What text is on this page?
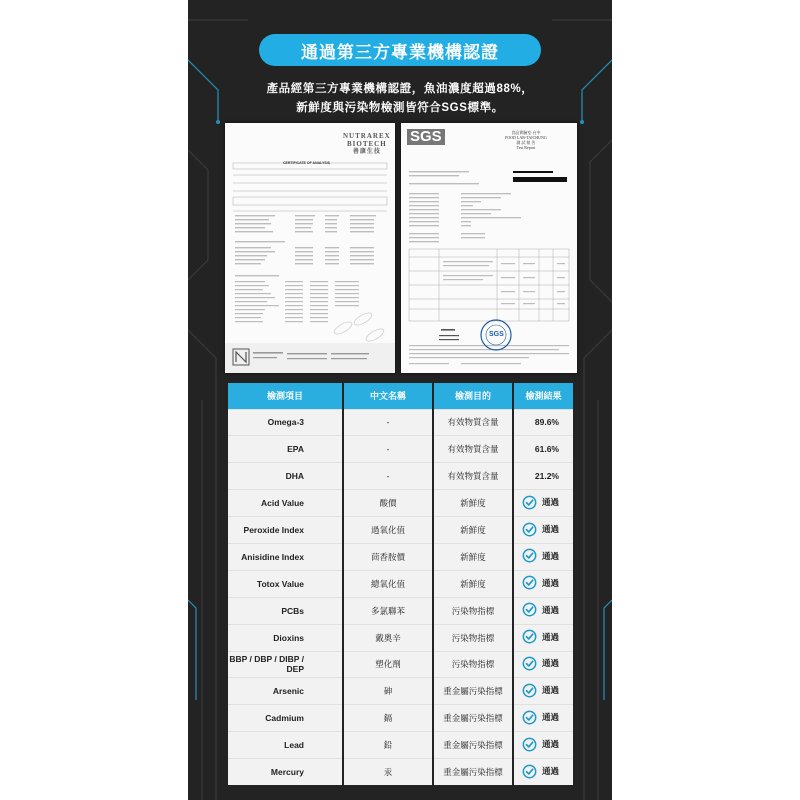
通過第三方專業機構認證
產品經第三方專業機構認證，魚油濃度超過88%，
新鮮度與污染物檢測皆符合SGS標準。
NUTRAREX
BIOTECH
善康生技
CERTIFICATE OF ANALYSIS
SGS	食品實驗室·台中
FOOD LAB-TAICHUNG
測 試 報 告
Test Report
SGS
檢測項目	中文名稱	檢測目的	檢測結果
Omega-3	-	有效物質含量	89.6%
EPA	-	有效物質含量	61.6%
DHA	-	有效物質含量	21.2%
Acid Value	酸價	新鮮度	通過

Peroxide Index	過氧化值	新鮮度	通過

Anisidine Index	茴香胺價	新鮮度	通過

Totox Value	總氧化值	新鮮度	通過

PCBs	多氯聯苯	污染物指標	通過

Dioxins	戴奧辛	污染物指標	通過

BBP / DBP / DIBP / DEP	塑化劑	污染物指標	通過

Arsenic	砷	重金屬污染指標	通過

Cadmium	鎘	重金屬污染指標	通過

Lead	鉛	重金屬污染指標	通過

Mercury	汞	重金屬污染指標	通過
